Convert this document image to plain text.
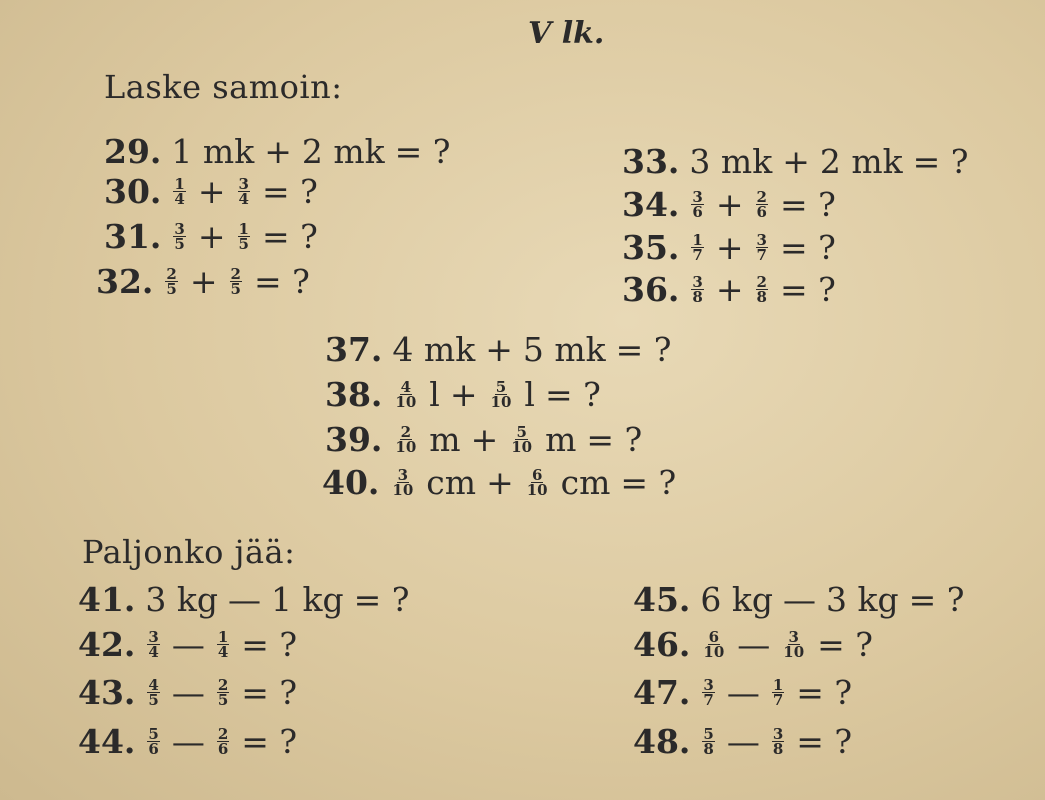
V lk.
Laske samoin:
Paljonko jää:
29. 1 mk + 2 mk = ?
30. $\frac{1}{4} + \frac{3}{4}$ = ?
31. $\frac{3}{5} + \frac{1}{5}$ = ?
32. $\frac{2}{5} + \frac{2}{5}$ = ?
33. 3 mk + 2 mk = ?
34. $\frac{3}{6} + \frac{2}{6}$ = ?
35. $\frac{1}{7} + \frac{3}{7}$ = ?
36. $\frac{3}{8} + \frac{2}{8}$ = ?
37. 4 mk + 5 mk = ?
38. $\frac{4}{10}$ $l + \frac{5}{10}$ l = ?
39. $\frac{2}{10}$ $m + \frac{5}{10}$ m = ?
40. $\frac{3}{10}$ cm + $\frac{6}{10}$ cm = ?
41. 3 kg — 1 kg = ?
42. $\frac{3}{4}$ — $\frac{1}{4}$ = ?
43. $\frac{4}{5}$ — $\frac{2}{5}$ = ?
44. $\frac{5}{6}$ — $\frac{2}{6}$ = ?
45. 6 kg — 3 kg = ?
46. $\frac{6}{10}$ — $\frac{3}{10}$ = ?
47. $\frac{3}{7}$ — $\frac{1}{7}$ = ?
48. $\frac{5}{8}$ — $\frac{3}{8}$ = ?
